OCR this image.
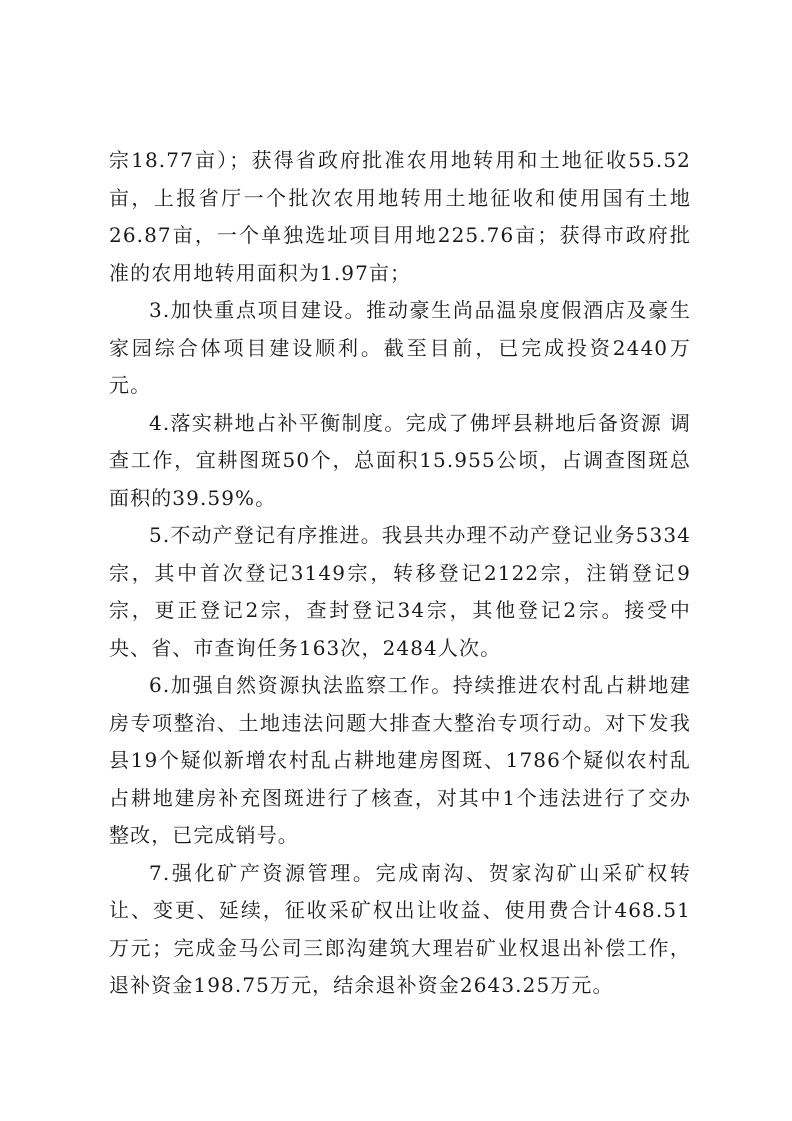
宗18.77亩）；获得省政府批准农用地转用和土地征收55.52亩，上报省厅一个批次农用地转用土地征收和使用国有土地26.87亩，一个单独选址项目用地225.76亩；获得市政府批准的农用地转用面积为1.97亩；

3.加快重点项目建设。推动豪生尚品温泉度假酒店及豪生家园综合体项目建设顺利。截至目前，已完成投资2440万元。

4.落实耕地占补平衡制度。完成了佛坪县耕地后备资源 调查工作，宜耕图斑50个，总面积15.955公顷，占调查图斑总面积的39.59%。

5.不动产登记有序推进。我县共办理不动产登记业务5334宗，其中首次登记3149宗，转移登记2122宗，注销登记9宗，更正登记2宗，查封登记34宗，其他登记2宗。接受中央、省、市查询任务163次，2484人次。

6.加强自然资源执法监察工作。持续推进农村乱占耕地建房专项整治、土地违法问题大排查大整治专项行动。对下发我县19个疑似新增农村乱占耕地建房图斑、1786个疑似农村乱占耕地建房补充图斑进行了核查，对其中1个违法进行了交办整改，已完成销号。

7.强化矿产资源管理。完成南沟、贺家沟矿山采矿权转让、变更、延续，征收采矿权出让收益、使用费合计468.51万元；完成金马公司三郎沟建筑大理岩矿业权退出补偿工作，退补资金198.75万元，结余退补资金2643.25万元。
